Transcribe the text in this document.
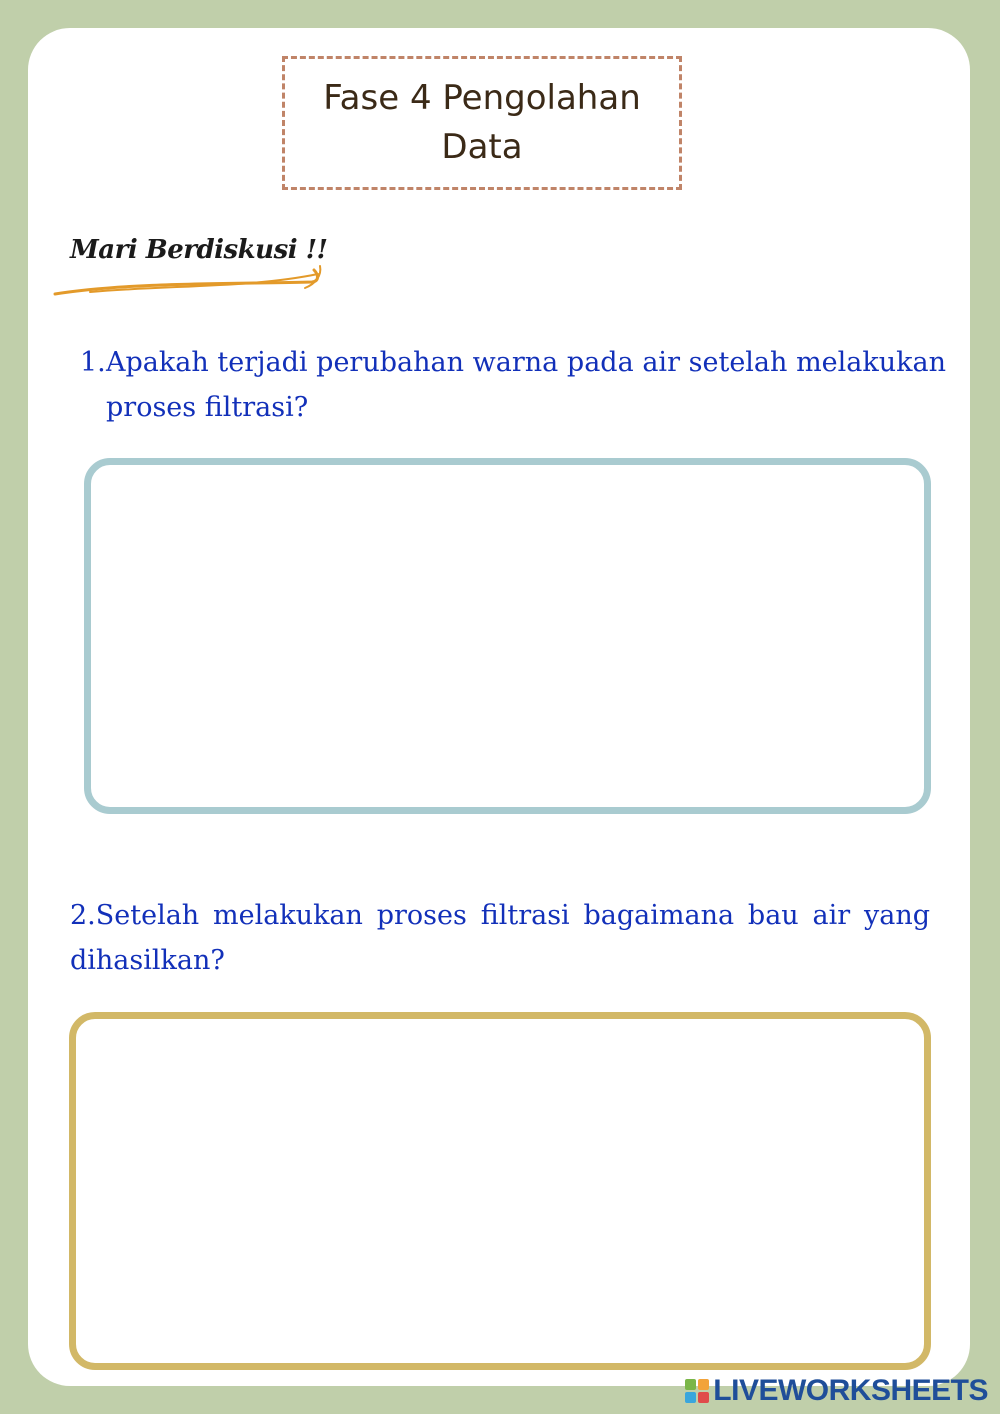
Fase 4 Pengolahan
Data
Mari Berdiskusi !!
1. Apakah terjadi perubahan warna pada air setelah melakukan proses filtrasi?
2.Setelah melakukan proses filtrasi bagaimana bau air yang dihasilkan?
LIVEWORKSHEETS
